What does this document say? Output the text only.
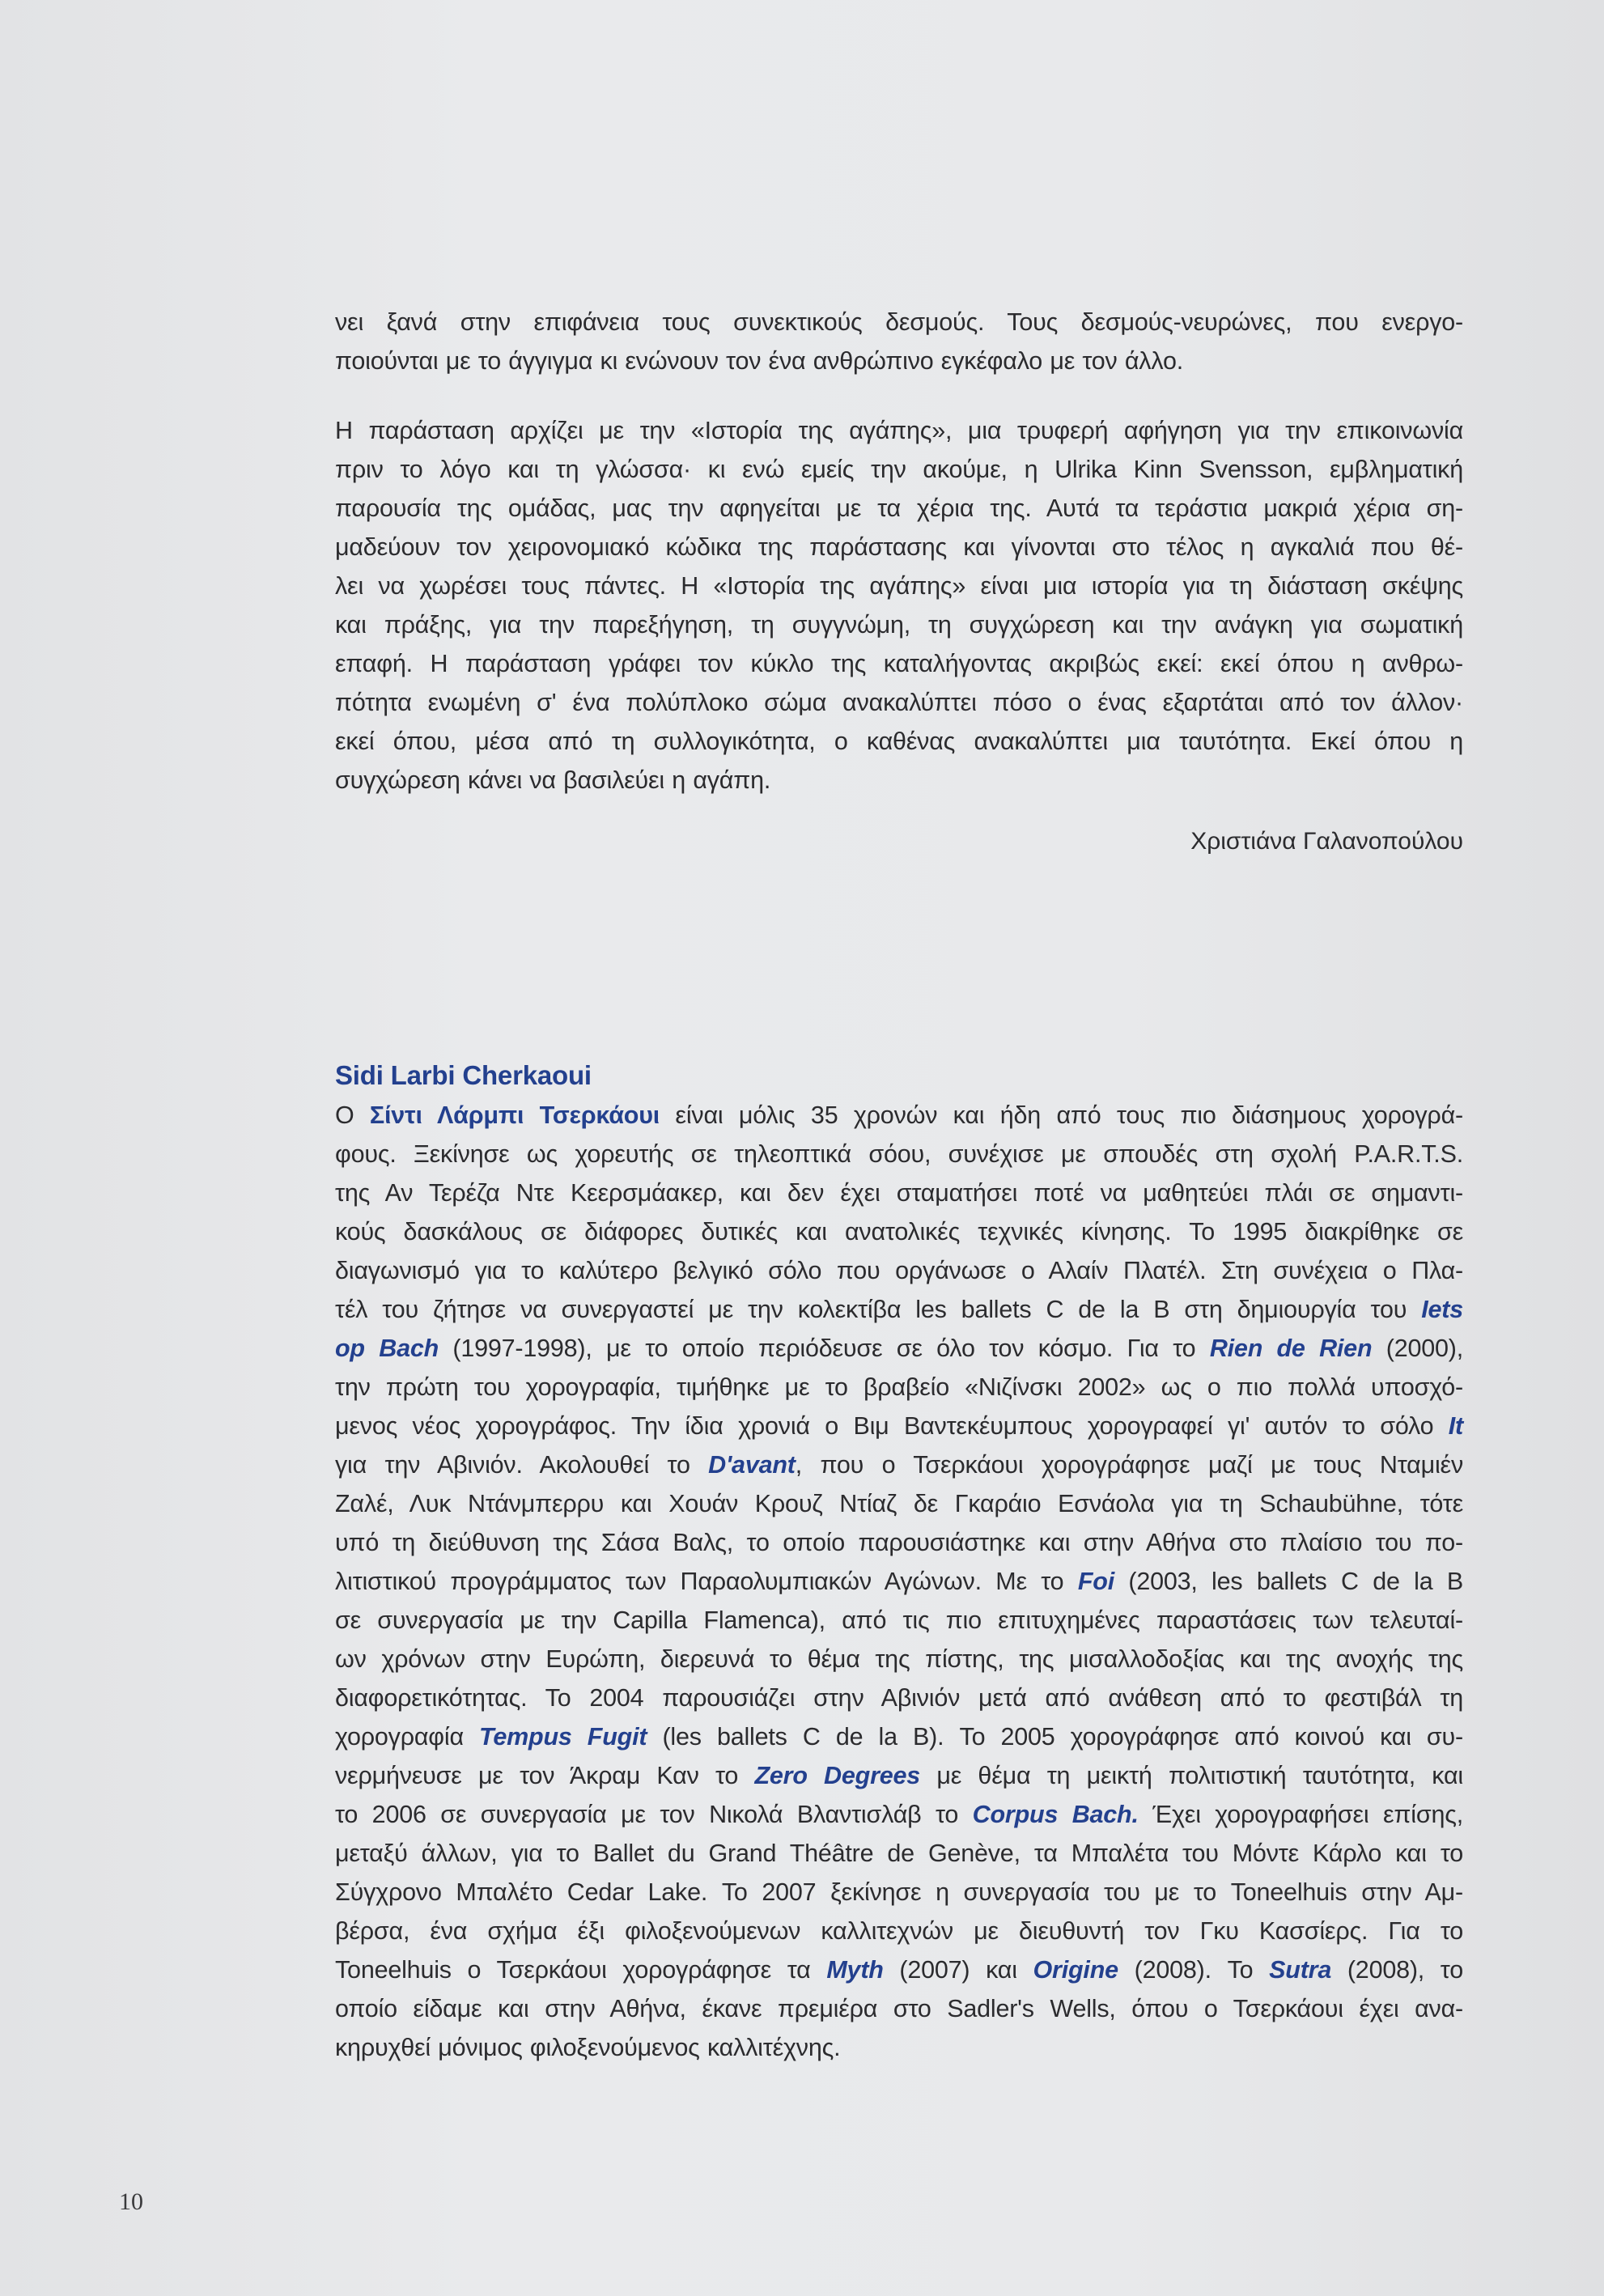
νει ξανά στην επιφάνεια τους συνεκτικούς δεσμούς. Τους δεσμούς-νευρώνες, που ενεργο-
ποιούνται με το άγγιγμα κι ενώνουν τον ένα ανθρώπινο εγκέφαλο με τον άλλο.

Η παράσταση αρχίζει με την «Ιστορία της αγάπης», μια τρυφερή αφήγηση για την επικοινωνία
πριν το λόγο και τη γλώσσα· κι ενώ εμείς την ακούμε, η Ulrika Kinn Svensson, εμβληματική
παρουσία της ομάδας, μας την αφηγείται με τα χέρια της. Αυτά τα τεράστια μακριά χέρια ση-
μαδεύουν τον χειρονομιακό κώδικα της παράστασης και γίνονται στο τέλος η αγκαλιά που θέ-
λει να χωρέσει τους πάντες. Η «Ιστορία της αγάπης» είναι μια ιστορία για τη διάσταση σκέψης
και πράξης, για την παρεξήγηση, τη συγγνώμη, τη συγχώρεση και την ανάγκη για σωματική
επαφή. Η παράσταση γράφει τον κύκλο της καταλήγοντας ακριβώς εκεί: εκεί όπου η ανθρω-
πότητα ενωμένη σ' ένα πολύπλοκο σώμα ανακαλύπτει πόσο ο ένας εξαρτάται από τον άλλον·
εκεί όπου, μέσα από τη συλλογικότητα, ο καθένας ανακαλύπτει μια ταυτότητα. Εκεί όπου η
συγχώρεση κάνει να βασιλεύει η αγάπη.

Χριστιάνα Γαλανοπούλου
Sidi Larbi Cherkaoui

Ο Σίντι Λάρμπι Τσερκάουι είναι μόλις 35 χρονών και ήδη από τους πιο διάσημους χορογρά-
φους. Ξεκίνησε ως χορευτής σε τηλεοπτικά σόου, συνέχισε με σπουδές στη σχολή P.A.R.T.S.
της Αν Τερέζα Ντε Κεερσμάακερ, και δεν έχει σταματήσει ποτέ να μαθητεύει πλάι σε σημαντι-
κούς δασκάλους σε διάφορες δυτικές και ανατολικές τεχνικές κίνησης. Το 1995 διακρίθηκε σε
διαγωνισμό για το καλύτερο βελγικό σόλο που οργάνωσε ο Αλαίν Πλατέλ. Στη συνέχεια ο Πλα-
τέλ του ζήτησε να συνεργαστεί με την κολεκτίβα les ballets C de la B στη δημιουργία του Iets
op Bach (1997-1998), με το οποίο περιόδευσε σε όλο τον κόσμο. Για το Rien de Rien (2000),
την πρώτη του χορογραφία, τιμήθηκε με το βραβείο «Νιζίνσκι 2002» ως ο πιο πολλά υποσχό-
μενος νέος χορογράφος. Την ίδια χρονιά ο Βιμ Βαντεκέυμπους χορογραφεί γι' αυτόν το σόλο It
για την Αβινιόν. Ακολουθεί το D'avant, που ο Τσερκάουι χορογράφησε μαζί με τους Νταμιέν
Ζαλέ, Λυκ Ντάνμπερρυ και Χουάν Κρουζ Ντίαζ δε Γκαράιο Εσνάολα για τη Schaubühne, τότε
υπό τη διεύθυνση της Σάσα Βαλς, το οποίο παρουσιάστηκε και στην Αθήνα στο πλαίσιο του πο-
λιτιστικού προγράμματος των Παραολυμπιακών Αγώνων. Με το Foi (2003, les ballets C de la B
σε συνεργασία με την Capilla Flamenca), από τις πιο επιτυχημένες παραστάσεις των τελευταί-
ων χρόνων στην Ευρώπη, διερευνά το θέμα της πίστης, της μισαλλοδοξίας και της ανοχής της
διαφορετικότητας. Το 2004 παρουσιάζει στην Αβινιόν μετά από ανάθεση από το φεστιβάλ τη
χορογραφία Tempus Fugit (les ballets C de la B). Το 2005 χορογράφησε από κοινού και συ-
νερμήνευσε με τον Άκραμ Καν το Zero Degrees με θέμα τη μεικτή πολιτιστική ταυτότητα, και
το 2006 σε συνεργασία με τον Νικολά Βλαντισλάβ το Corpus Bach. Έχει χορογραφήσει επίσης,
μεταξύ άλλων, για το Ballet du Grand Théâtre de Genève, τα Μπαλέτα του Μόντε Κάρλο και το
Σύγχρονο Μπαλέτο Cedar Lake. Το 2007 ξεκίνησε η συνεργασία του με το Toneelhuis στην Αμ-
βέρσα, ένα σχήμα έξι φιλοξενούμενων καλλιτεχνών με διευθυντή τον Γκυ Κασσίερς. Για το
Toneelhuis ο Τσερκάουι χορογράφησε τα Myth (2007) και Origine (2008). Το Sutra (2008), το
οποίο είδαμε και στην Αθήνα, έκανε πρεμιέρα στο Sadler's Wells, όπου ο Τσερκάουι έχει ανα-
κηρυχθεί μόνιμος φιλοξενούμενος καλλιτέχνης.

10
